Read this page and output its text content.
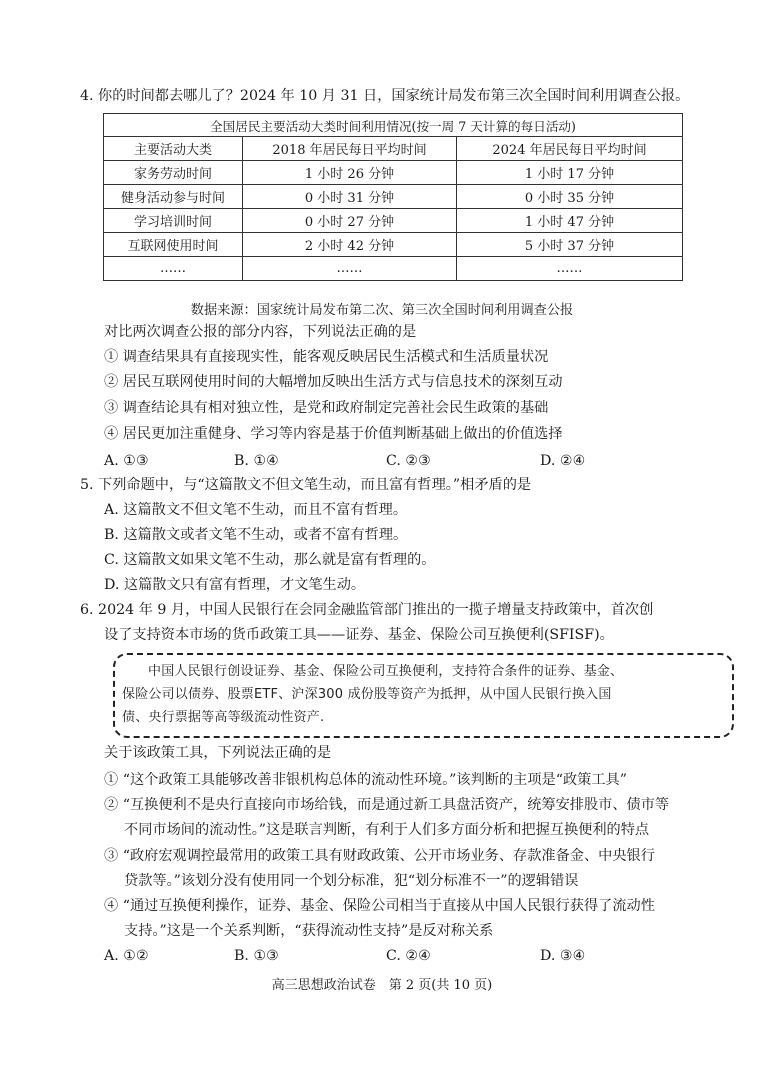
4. 你的时间都去哪儿了？2024 年 10 月 31 日，国家统计局发布第三次全国时间利用调查公报。
全国居民主要活动大类时间利用情况(按一周 7 天计算的每日活动)		
主要活动大类	2018 年居民每日平均时间	2024 年居民每日平均时间
家务劳动时间	1 小时 26 分钟	1 小时 17 分钟
健身活动参与时间	0 小时 31 分钟	0 小时 35 分钟
学习培训时间	0 小时 27 分钟	1 小时 47 分钟
互联网使用时间	2 小时 42 分钟	5 小时 37 分钟
……	……	……
数据来源：国家统计局发布第二次、第三次全国时间利用调查公报
对比两次调查公报的部分内容，下列说法正确的是
① 调查结果具有直接现实性，能客观反映居民生活模式和生活质量状况
② 居民互联网使用时间的大幅增加反映出生活方式与信息技术的深刻互动
③ 调查结论具有相对独立性，是党和政府制定完善社会民生政策的基础
④ 居民更加注重健身、学习等内容是基于价值判断基础上做出的价值选择
A. ①③	B. ①④	C. ②③	D. ②④
5. 下列命题中，与“这篇散文不但文笔生动，而且富有哲理。”相矛盾的是
A. 这篇散文不但文笔不生动，而且不富有哲理。
B. 这篇散文或者文笔不生动，或者不富有哲理。
C. 这篇散文如果文笔不生动，那么就是富有哲理的。
D. 这篇散文只有富有哲理，才文笔生动。
6. 2024 年 9 月，中国人民银行在会同金融监管部门推出的一揽子增量支持政策中，首次创
设了支持资本市场的货币政策工具——证券、基金、保险公司互换便利(SFISF)。
中国人民银行创设证券、基金、保险公司互换便利，支持符合条件的证券、基金、
保险公司以债券、股票ETF、沪深300 成份股等资产为抵押，从中国人民银行换入国
债、央行票据等高等级流动性资产.
关于该政策工具，下列说法正确的是
① “这个政策工具能够改善非银机构总体的流动性环境。”该判断的主项是“政策工具”
② “互换便利不是央行直接向市场给钱，而是通过新工具盘活资产，统筹安排股市、债市等
不同市场间的流动性。”这是联言判断，有利于人们多方面分析和把握互换便利的特点
③ “政府宏观调控最常用的政策工具有财政政策、公开市场业务、存款准备金、中央银行
贷款等。”该划分没有使用同一个划分标准，犯“划分标准不一”的逻辑错误
④ “通过互换便利操作，证券、基金、保险公司相当于直接从中国人民银行获得了流动性
支持。”这是一个关系判断，“获得流动性支持”是反对称关系
A. ①②	B. ①③	C. ②④	D. ③④
高三思想政治试卷　第 2 页(共 10 页)
